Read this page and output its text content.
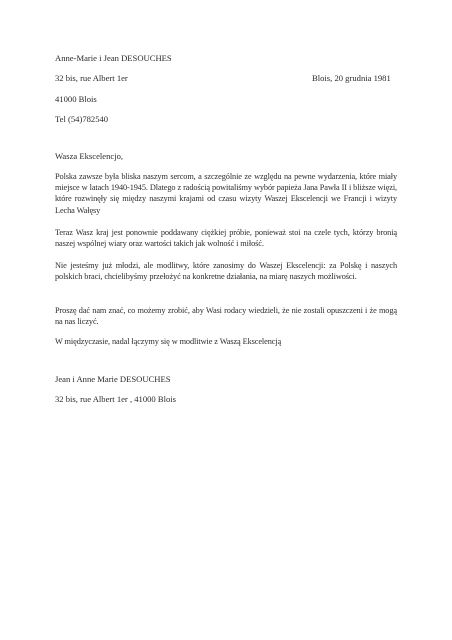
Anne-Marie i Jean DESOUCHES
32 bis, rue Albert 1er	Blois, 20 grudnia 1981
41000 Blois
Tel (54)782540
Wasza Ekscelencjo,
Polska zawsze była bliska naszym sercom, a szczególnie ze względu na pewne wydarzenia, które miały miejsce w latach 1940-1945. Dlatego z radością powitaliśmy wybór papieża Jana Pawła II i bliższe więzi, które rozwinęły się między naszymi krajami od czasu wizyty Waszej Ekscelencji we Francji i wizyty Lecha Wałęsy
Teraz Wasz kraj jest ponownie poddawany ciężkiej próbie, ponieważ stoi na czele tych, którzy bronią naszej wspólnej wiary oraz wartości takich jak wolność i miłość.
Nie jesteśmy już młodzi, ale modlitwy, które zanosimy do Waszej Ekscelencji: za Polskę i naszych polskich braci, chcielibyśmy przełożyć na konkretne działania, na miarę naszych możliwości.
Proszę dać nam znać, co możemy zrobić, aby Wasi rodacy wiedzieli, że nie zostali opuszczeni i że mogą na nas liczyć.
W międzyczasie, nadal łączymy się w modlitwie z Waszą Ekscelencją
Jean i Anne Marie DESOUCHES
32 bis, rue Albert 1er , 41000 Blois
